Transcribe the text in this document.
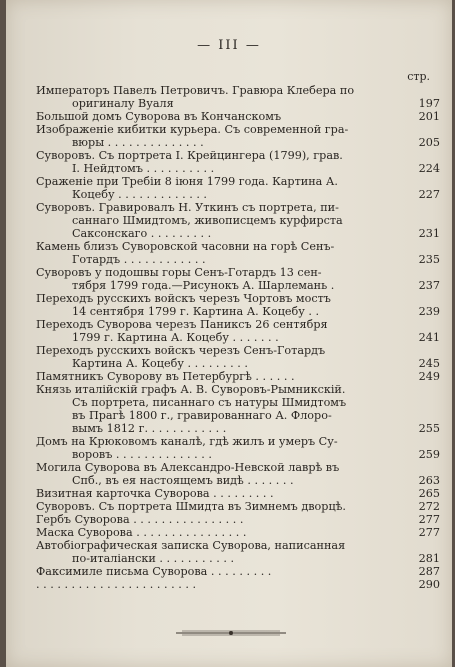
— III —
стр.
Императоръ Павелъ Петровичъ. Гравюра Клебера по
оригиналу Вуаля	197
Большой домъ Суворова въ Кончанскомъ	201
Изображеніе кибитки курьера. Съ современной гра-
вюры . . . . . . . . . . . . . .	205
Суворовъ. Съ портрета І. Крейцингера (1799), грав.
І. Нейдтомъ . . . . . . . . . .	224
Сраженіе при Требіи 8 іюня 1799 года. Картина А.
Коцебу . . . . . . . . . . . . .	227
Суворовъ. Гравировалъ Н. Уткинъ съ портрета, пи-
саннаго Шмидтомъ, живописцемъ курфирста
Саксонскаго . . . . . . . . .	231
Камень близъ Суворовской часовни на горѣ Сенъ-
Готардъ . . . . . . . . . . . .	235
Суворовъ у подошвы горы Сенъ-Готардъ 13 сен-
тября 1799 года.—Рисунокъ А. Шарлемань .	237
Переходъ русскихъ войскъ черезъ Чортовъ мостъ
14 сентября 1799 г. Картина А. Коцебу . .	239
Переходъ Суворова черезъ Паниксъ 26 сентября
1799 г. Картина А. Коцебу . . . . . . .	241
Переходъ русскихъ войскъ черезъ Сенъ-Готардъ
Картина А. Коцебу . . . . . . . . .	245
Памятникъ Суворову въ Петербургѣ . . . . . .	249
Князь италійскій графъ А. В. Суворовъ-Рымникскій.
Съ портрета, писаннаго съ натуры Шмидтомъ
въ Прагѣ 1800 г., гравированнаго А. Флоро-
вымъ 1812 г. . . . . . . . . . . .	255
Домъ на Крюковомъ каналѣ, гдѣ жилъ и умеръ Су-
воровъ . . . . . . . . . . . . . .	259
Могила Суворова въ Александро-Невской лаврѣ въ
Спб., въ ея настоящемъ видѣ . . . . . . .	263
Визитная карточка Суворова . . . . . . . . .	265
Суворовъ. Съ портрета Шмидта въ Зимнемъ дворцѣ.	272
Гербъ Суворова . . . . . . . . . . . . . . . .	277
Маска Суворова . . . . . . . . . . . . . . . .	277
Автобіографическая записка Суворова, написанная
по-италіански . . . . . . . . . . .	281
Факсимиле письма Суворова . . . . . . . . .	287
. . . . . . . . . . . . . . . . . . . . . . .	290
